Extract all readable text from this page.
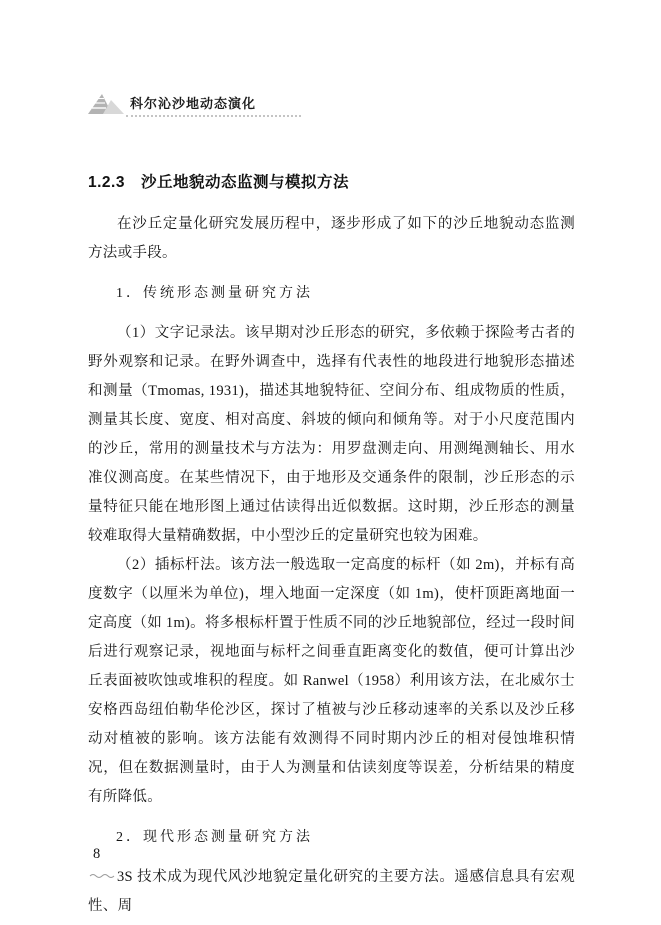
科尔沁沙地动态演化
1.2.3 沙丘地貌动态监测与模拟方法

在沙丘定量化研究发展历程中，逐步形成了如下的沙丘地貌动态监测方法或手段。

1．传统形态测量研究方法

（1）文字记录法。该早期对沙丘形态的研究，多依赖于探险考古者的野外观察和记录。在野外调查中，选择有代表性的地段进行地貌形态描述和测量（Tmomas, 1931)，描述其地貌特征、空间分布、组成物质的性质，测量其长度、宽度、相对高度、斜坡的倾向和倾角等。对于小尺度范围内的沙丘，常用的测量技术与方法为：用罗盘测走向、用测绳测轴长、用水准仪测高度。在某些情况下，由于地形及交通条件的限制，沙丘形态的示量特征只能在地形图上通过估读得出近似数据。这时期，沙丘形态的测量较难取得大量精确数据，中小型沙丘的定量研究也较为困难。

（2）插标杆法。该方法一般选取一定高度的标杆（如 2m)，并标有高度数字（以厘米为单位)，埋入地面一定深度（如 1m)，使杆顶距离地面一定高度（如 1m)。将多根标杆置于性质不同的沙丘地貌部位，经过一段时间后进行观察记录，视地面与标杆之间垂直距离变化的数值，便可计算出沙丘表面被吹蚀或堆积的程度。如 Ranwel（1958）利用该方法，在北威尔士安格西岛纽伯勒华伦沙区，探讨了植被与沙丘移动速率的关系以及沙丘移动对植被的影响。该方法能有效测得不同时期内沙丘的相对侵蚀堆积情况，但在数据测量时，由于人为测量和估读刻度等误差，分析结果的精度有所降低。

2．现代形态测量研究方法

3S 技术成为现代风沙地貌定量化研究的主要方法。遥感信息具有宏观性、周

8
